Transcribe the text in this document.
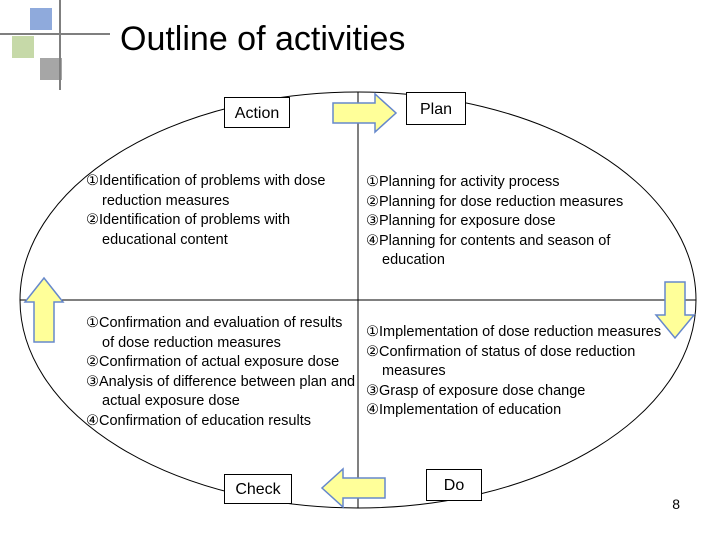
Outline of activities
Action	Plan
Check	Do
①Identification of problems with dose reduction measures
②Identification of problems with educational content
①Planning for activity process
②Planning for dose reduction measures
③Planning for exposure dose
④Planning for contents and season of education
①Confirmation and evaluation of results of dose reduction measures
②Confirmation of actual exposure dose
③Analysis of difference between plan and actual exposure dose
④Confirmation of education results
①Implementation of dose reduction measures
②Confirmation of status of dose reduction measures
③Grasp of exposure dose change
④Implementation of education
8
